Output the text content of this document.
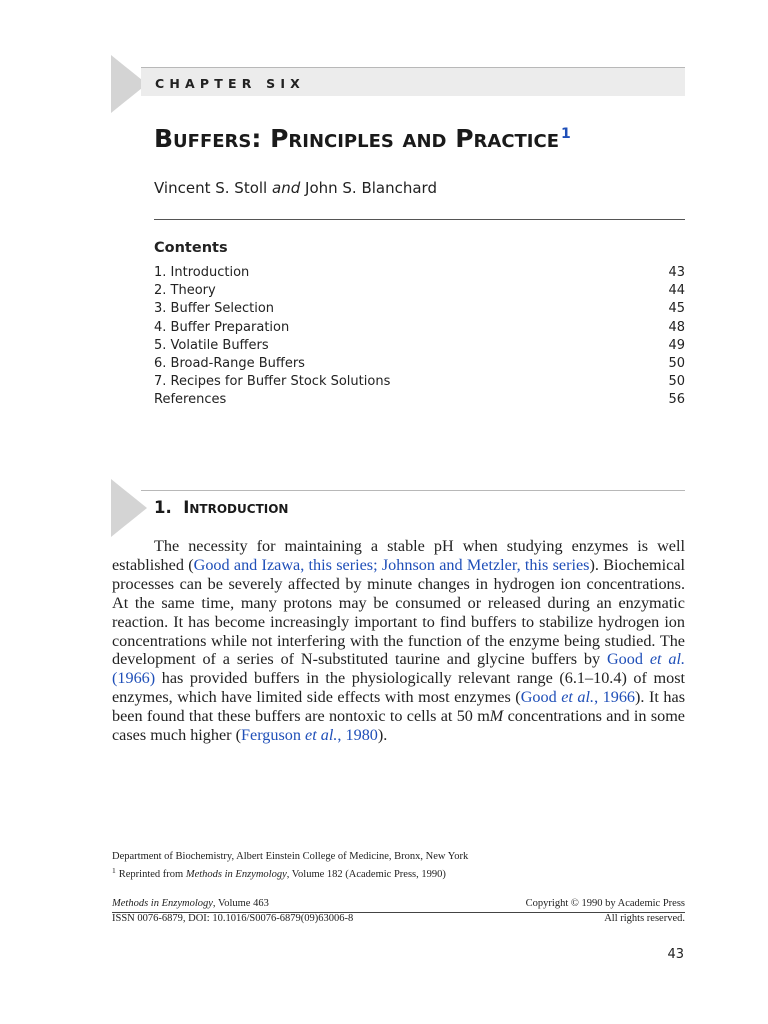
CHAPTER SIX
Buffers: Principles and Practice $^1$
Vincent S. Stoll and John S. Blanchard
Contents
1. Introduction	43
2. Theory	44
3. Buffer Selection	45
4. Buffer Preparation	48
5. Volatile Buffers	49
6. Broad-Range Buffers	50
7. Recipes for Buffer Stock Solutions	50
References	56
1. Introduction

The necessity for maintaining a stable pH when studying enzymes is well established (Good and Izawa, this series; Johnson and Metzler, this series). Biochemical processes can be severely affected by minute changes in hydrogen ion concentrations. At the same time, many protons may be consumed or released during an enzymatic reaction. It has become increasingly important to find buffers to stabilize hydrogen ion concentrations while not interfering with the function of the enzyme being studied. The development of a series of N-substituted taurine and glycine buffers by Good et al. (1966) has provided buffers in the physiologically relevant range (6.1–10.4) of most enzymes, which have limited side effects with most enzymes (Good et al., 1966). It has been found that these buffers are nontoxic to cells at 50 mM concentrations and in some cases much higher (Ferguson et al., 1980).

Department of Biochemistry, Albert Einstein College of Medicine, Bronx, New York
$^1$ Reprinted from Methods in Enzymology, Volume 182 (Academic Press, 1990)
Methods in Enzymology, Volume 463	Copyright © 1990 by Academic Press
ISSN 0076-6879, DOI: 10.1016/S0076-6879(09)63006-8	All rights reserved.
43
